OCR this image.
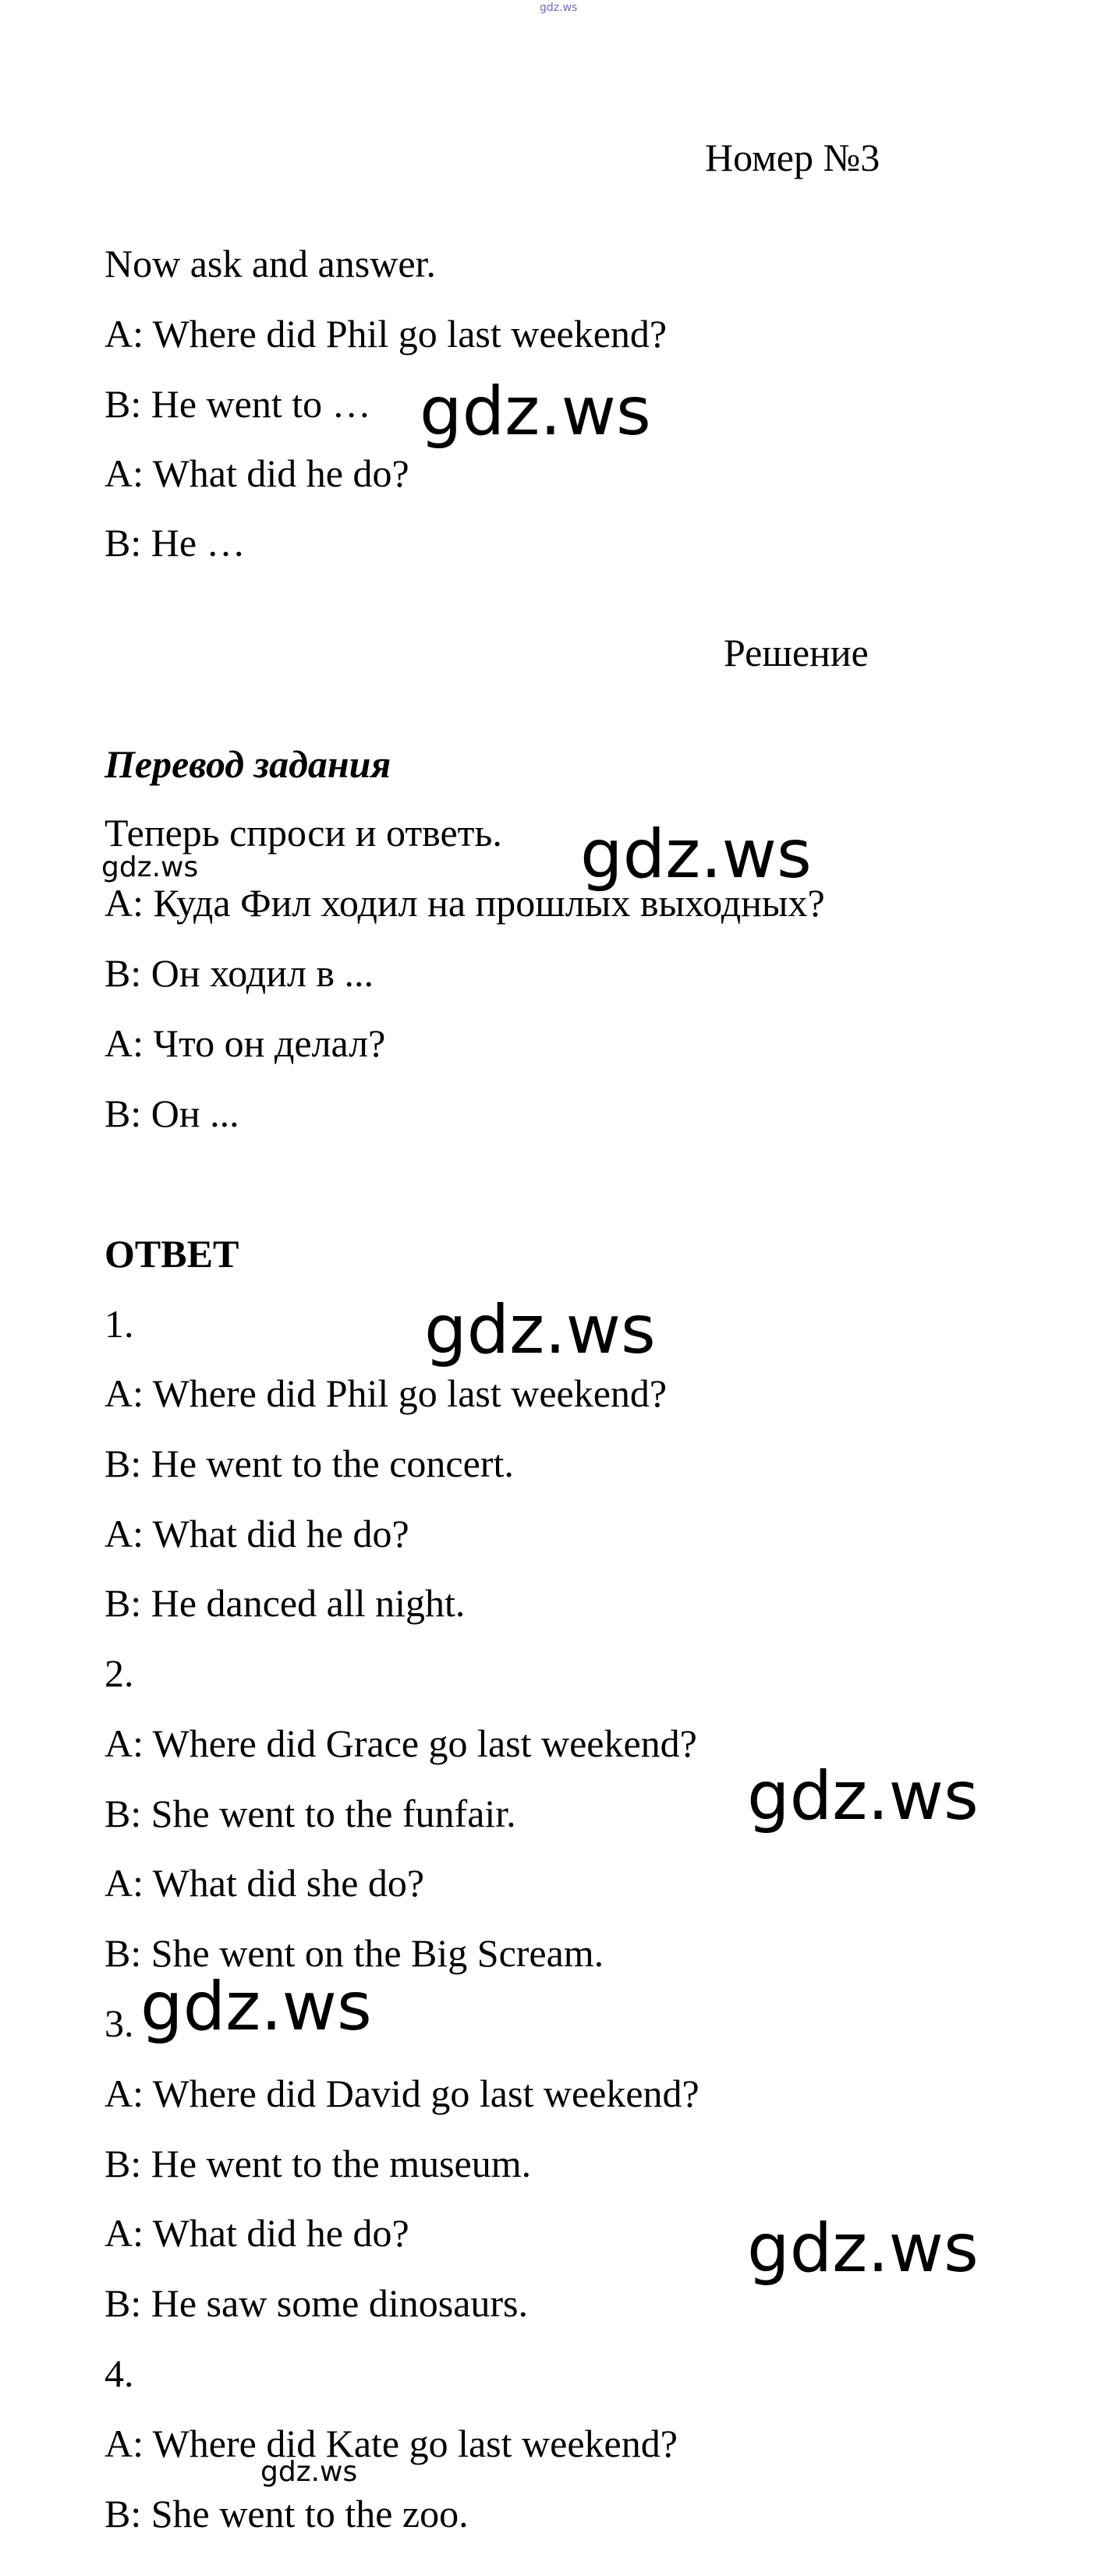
gdz.ws
Номер №3
Now ask and answer.
A: Where did Phil go last weekend?
B: He went to …
A: What did he do?
B: He …
Решение
Перевод задания
Теперь спроси и ответь.
A: Куда Фил ходил на прошлых выходных?
B: Он ходил в ...
A: Что он делал?
B: Он ...
ОТВЕТ
1.
A: Where did Phil go last weekend?
B: He went to the concert.
A: What did he do?
B: He danced all night.
2.
A: Where did Grace go last weekend?
B: She went to the funfair.
A: What did she do?
B: She went on the Big Scream.
3.
A: Where did David go last weekend?
B: He went to the museum.
A: What did he do?
B: He saw some dinosaurs.
4.
A: Where did Kate go last weekend?
B: She went to the zoo.
gdz.ws
gdz.ws
gdz.ws
gdz.ws
gdz.ws
gdz.ws
gdz.ws
gdz.ws
